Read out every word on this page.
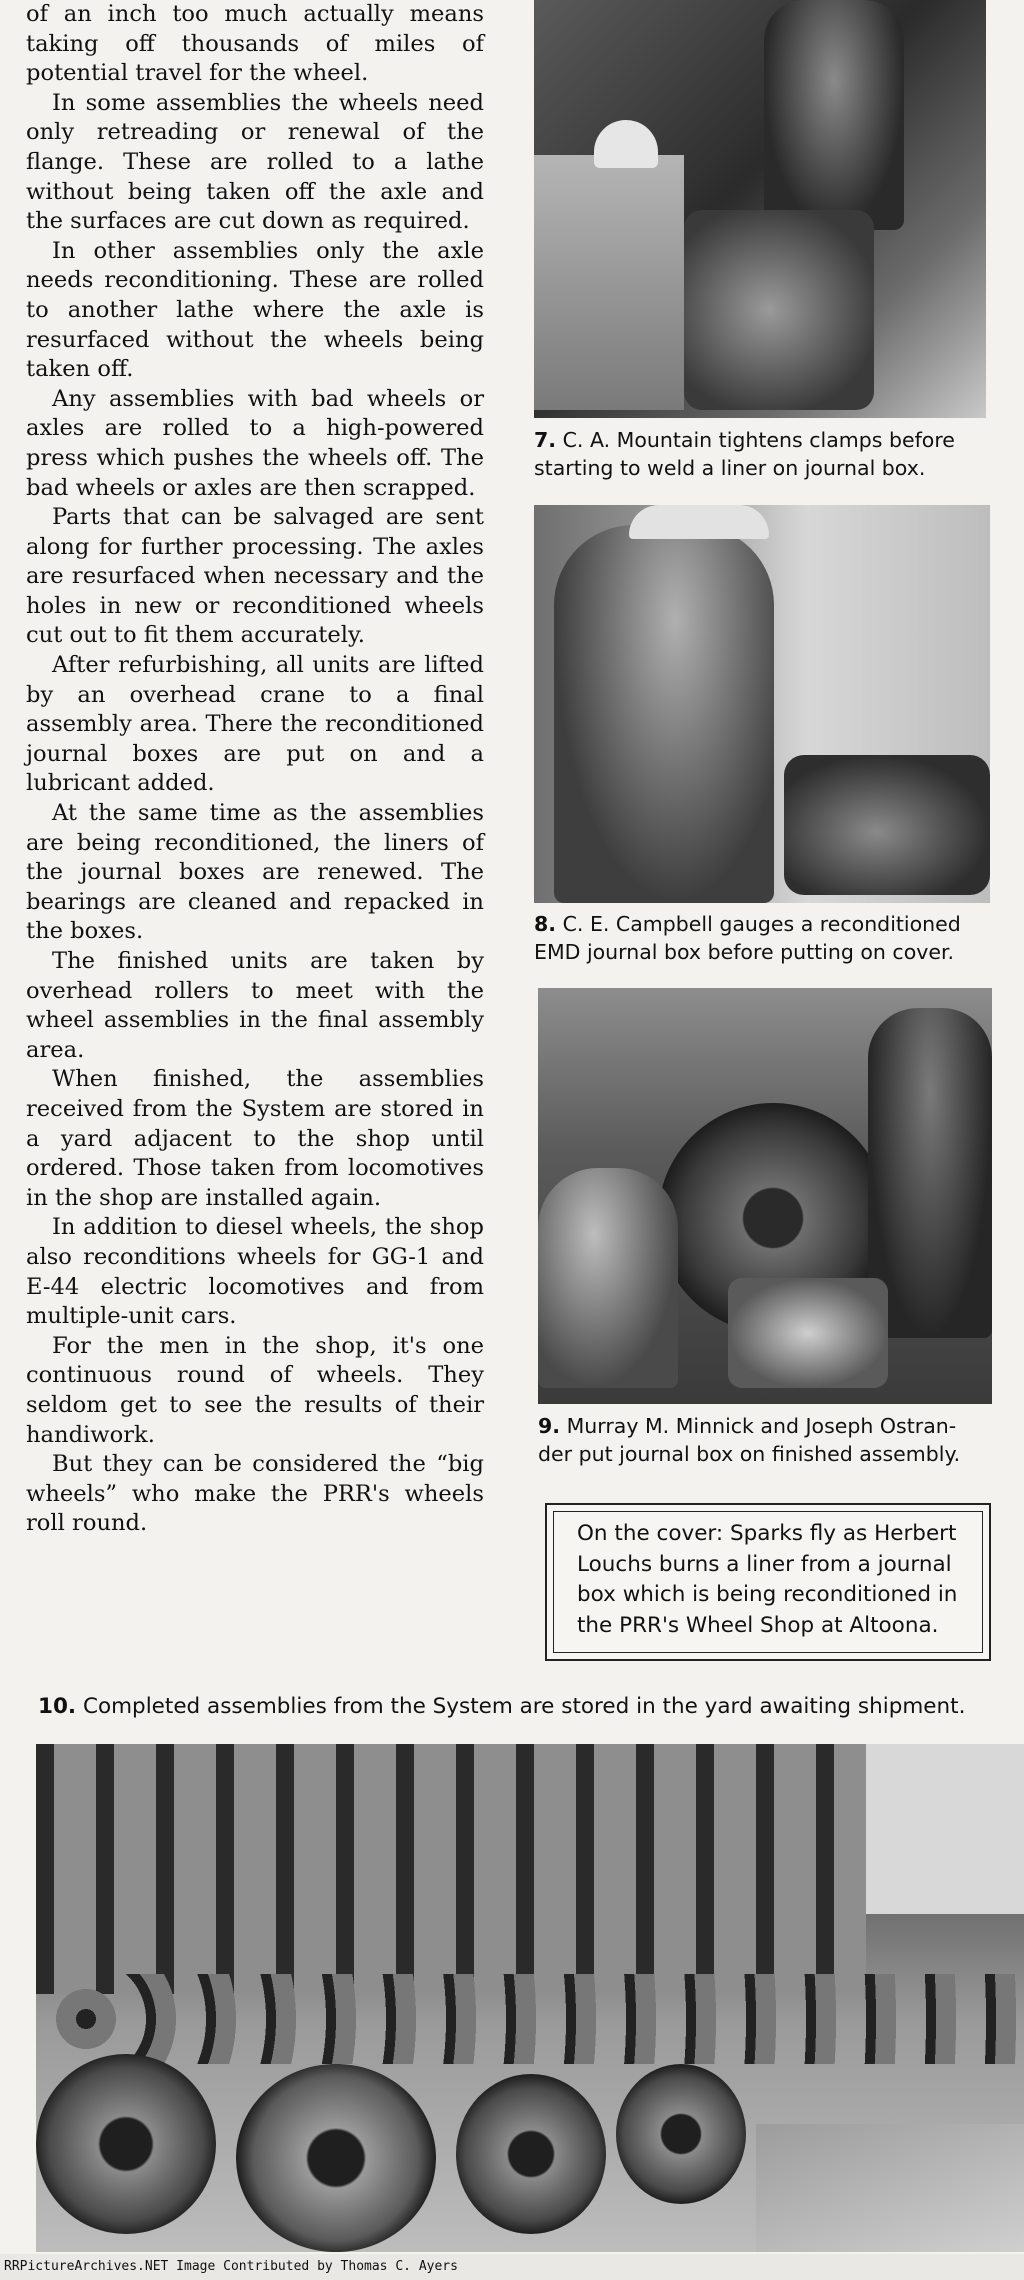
of an inch too much actually means taking off thousands of miles of potential travel for the wheel.

In some assemblies the wheels need only retreading or renewal of the flange. These are rolled to a lathe without being taken off the axle and the surfaces are cut down as required.

In other assemblies only the axle needs reconditioning. These are rolled to another lathe where the axle is resurfaced without the wheels being taken off.

Any assemblies with bad wheels or axles are rolled to a high-powered press which pushes the wheels off. The bad wheels or axles are then scrapped.

Parts that can be salvaged are sent along for further processing. The axles are resurfaced when necessary and the holes in new or reconditioned wheels cut out to fit them accurately.

After refurbishing, all units are lifted by an overhead crane to a final assembly area. There the reconditioned journal boxes are put on and a lubricant added.

At the same time as the assemblies are being reconditioned, the liners of the journal boxes are renewed. The bearings are cleaned and repacked in the boxes.

The finished units are taken by overhead rollers to meet with the wheel assemblies in the final assembly area.

When finished, the assemblies received from the System are stored in a yard adjacent to the shop until ordered. Those taken from locomotives in the shop are installed again.

In addition to diesel wheels, the shop also reconditions wheels for GG-1 and E-44 electric locomotives and from multiple-unit cars.

For the men in the shop, it's one continuous round of wheels. They seldom get to see the results of their handiwork.

But they can be considered the “big wheels” who make the PRR's wheels roll round.

7. C. A. Mountain tightens clamps before
starting to weld a liner on journal box.
8. C. E. Campbell gauges a reconditioned
EMD journal box before putting on cover.
9. Murray M. Minnick and Joseph Ostran-
der put journal box on finished assembly.
On the cover: Sparks fly as Herbert
Louchs burns a liner from a journal
box which is being reconditioned in
the PRR's Wheel Shop at Altoona.
10. Completed assemblies from the System are stored in the yard awaiting shipment.
RRPictureArchives.NET Image Contributed by Thomas C. Ayers
